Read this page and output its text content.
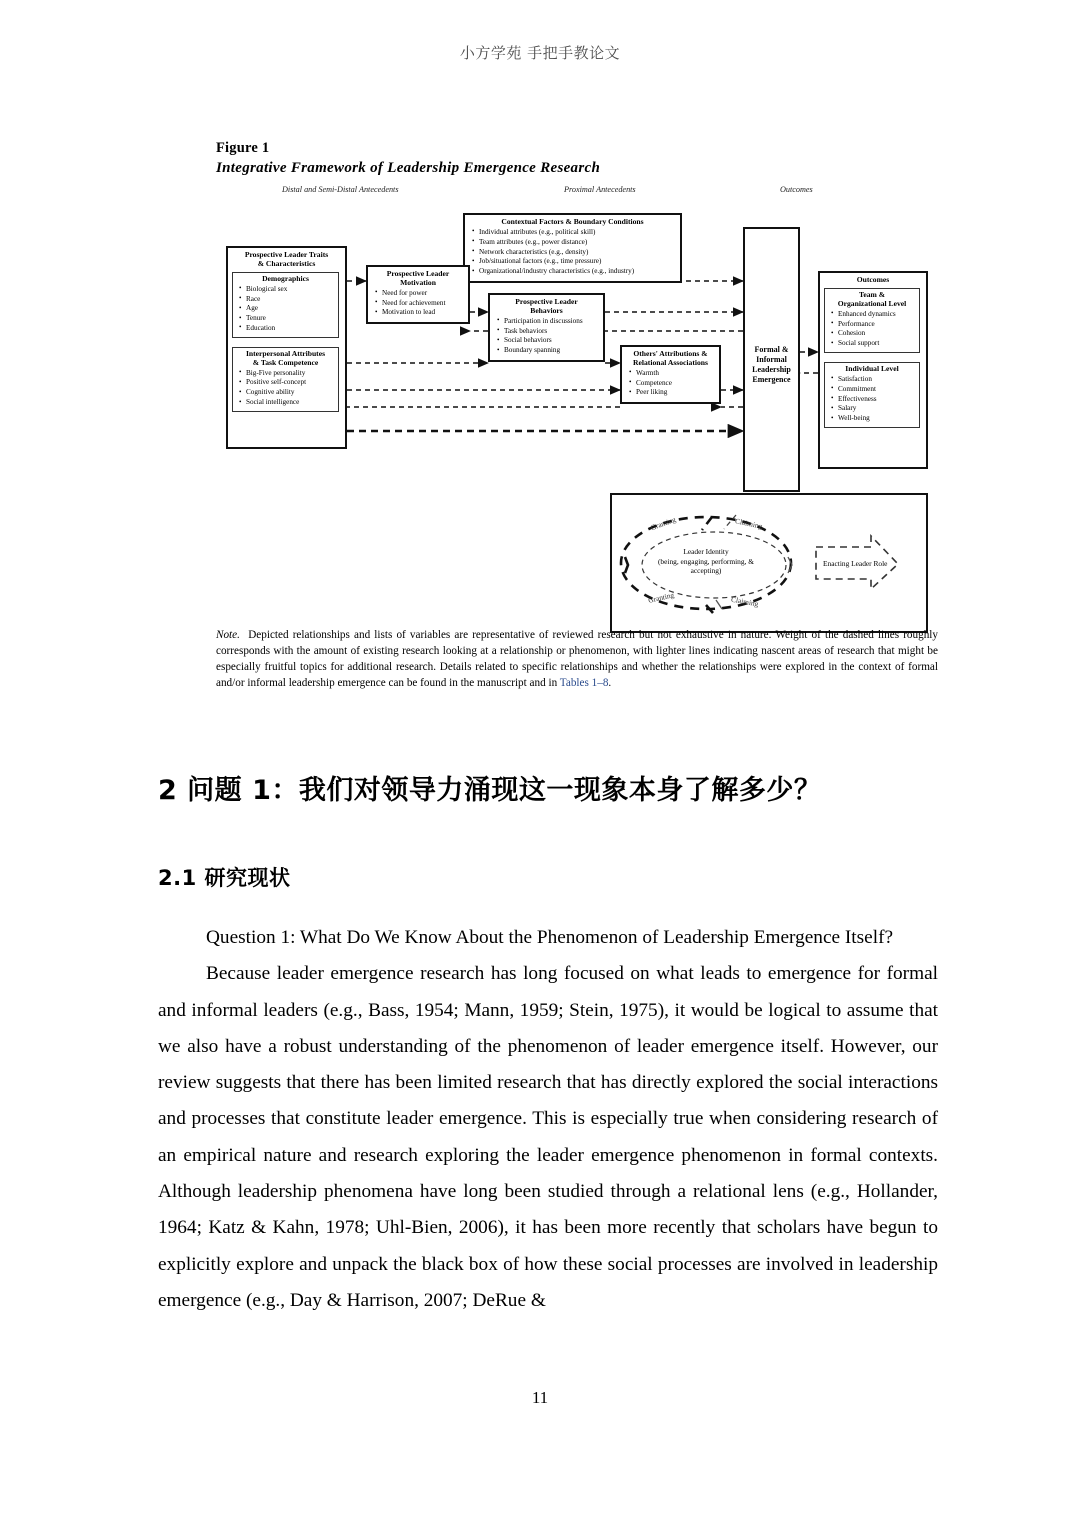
小方学苑 手把手教论文
Figure 1
Integrative Framework of Leadership Emergence Research
Distal and Semi-Distal Antecedents	Proximal Antecedents	Outcomes
Contextual Factors & Boundary Conditions
• Individual attributes (e.g., political skill)
• Team attributes (e.g., power distance)
• Network characteristics (e.g., density)
• Job/situational factors (e.g., time pressure)
• Organizational/industry characteristics (e.g., industry)
Prospective Leader Traits
& Characteristics
Demographics
• Biological sex
• Race
• Age
• Tenure
• Education
Interpersonal Attributes
& Task Competence
• Big-Five personality
• Positive self-concept
• Cognitive ability
• Social intelligence
Prospective Leader
Motivation
• Need for power
• Need for achievement
• Motivation to lead
Prospective Leader
Behaviors
• Participation in discussions
• Task behaviors
• Social behaviors
• Boundary spanning	Others' Attributions &
Relational Associations
• Warmth
• Competence
• Peer liking
Formal &
Informal
Leadership
Emergence
Outcomes
Team &
Organizational Level
• Enhanced dynamics
• Performance
• Cohesion
• Social support
Individual Level
• Satisfaction
• Commitment
• Effectiveness
• Salary
• Well-being
Leader Identity
(being, engaging, performing, &
accepting)
Granting	Claiming
Granting	Claiming
Enacting Leader Role
Note. Depicted relationships and lists of variables are representative of reviewed research but not exhaustive in nature. Weight of the dashed lines roughly corresponds with the amount of existing research looking at a relationship or phenomenon, with lighter lines indicating nascent areas of research that might be especially fruitful topics for additional research. Details related to specific relationships and whether the relationships were explored in the context of formal and/or informal leadership emergence can be found in the manuscript and in Tables 1–8.
2 问题 1：我们对领导力涌现这一现象本身了解多少？
2.1 研究现状

Question 1: What Do We Know About the Phenomenon of Leadership Emergence Itself?

Because leader emergence research has long focused on what leads to emergence for formal and informal leaders (e.g., Bass, 1954; Mann, 1959; Stein, 1975), it would be logical to assume that we also have a robust understanding of the phenomenon of leader emergence itself. However, our review suggests that there has been limited research that has directly explored the social interactions and processes that constitute leader emergence. This is especially true when considering research of an empirical nature and research exploring the leader emergence phenomenon in formal contexts. Although leadership phenomena have long been studied through a relational lens (e.g., Hollander, 1964; Katz & Kahn, 1978; Uhl-Bien, 2006), it has been more recently that scholars have begun to explicitly explore and unpack the black box of how these social processes are involved in leadership emergence (e.g., Day & Harrison, 2007; DeRue &

11
